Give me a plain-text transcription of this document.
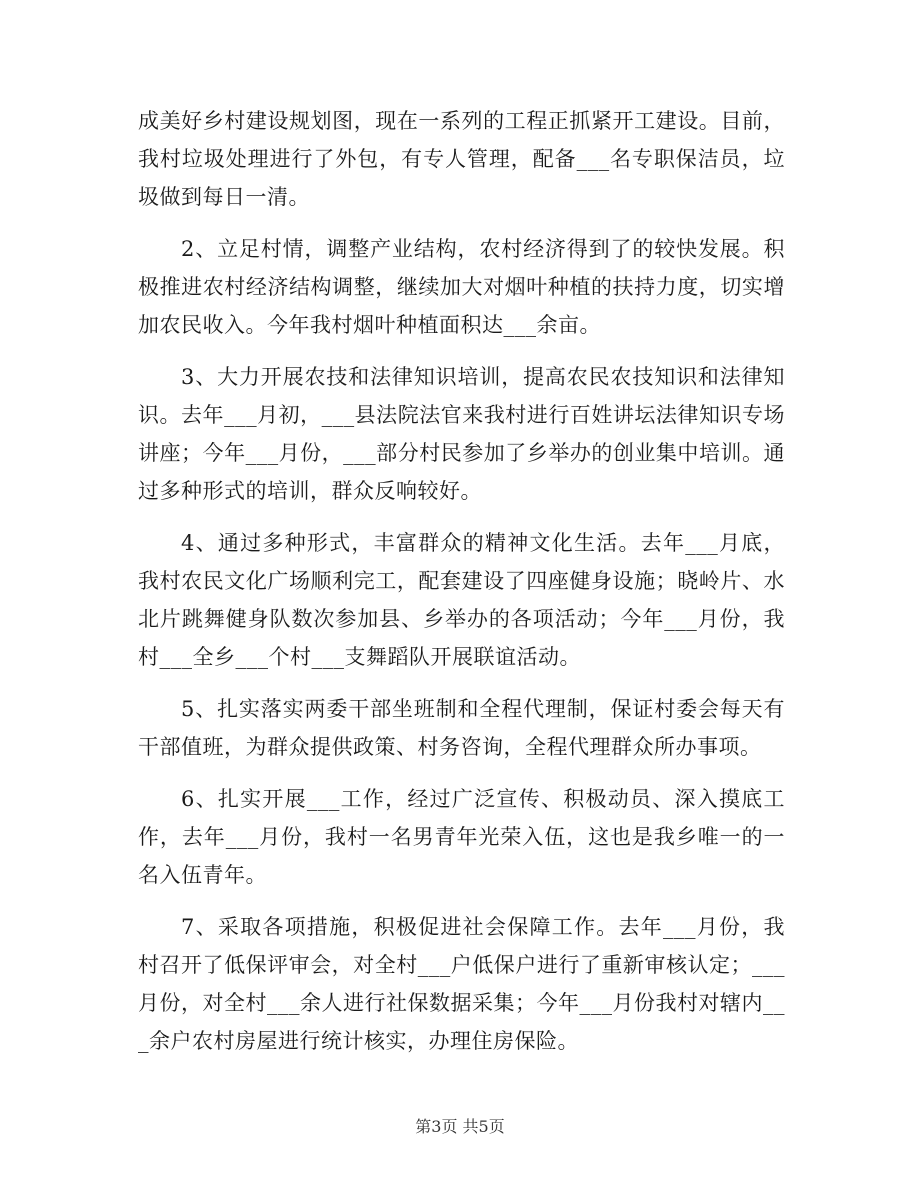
成美好乡村建设规划图，现在一系列的工程正抓紧开工建设。目前，我村垃圾处理进行了外包，有专人管理，配备___名专职保洁员，垃圾做到每日一清。

2、立足村情，调整产业结构，农村经济得到了的较快发展。积极推进农村经济结构调整，继续加大对烟叶种植的扶持力度，切实增加农民收入。今年我村烟叶种植面积达___余亩。

3、大力开展农技和法律知识培训，提高农民农技知识和法律知识。去年___月初，___县法院法官来我村进行百姓讲坛法律知识专场讲座；今年___月份，___部分村民参加了乡举办的创业集中培训。通过多种形式的培训，群众反响较好。

4、通过多种形式，丰富群众的精神文化生活。去年___月底，我村农民文化广场顺利完工，配套建设了四座健身设施；晓岭片、水北片跳舞健身队数次参加县、乡举办的各项活动；今年___月份，我村___全乡___个村___支舞蹈队开展联谊活动。

5、扎实落实两委干部坐班制和全程代理制，保证村委会每天有干部值班，为群众提供政策、村务咨询，全程代理群众所办事项。

6、扎实开展___工作，经过广泛宣传、积极动员、深入摸底工作，去年___月份，我村一名男青年光荣入伍，这也是我乡唯一的一名入伍青年。

7、采取各项措施，积极促进社会保障工作。去年___月份，我村召开了低保评审会，对全村___户低保户进行了重新审核认定；___月份，对全村___余人进行社保数据采集；今年___月份我村对辖内___余户农村房屋进行统计核实，办理住房保险。

第3页 共5页
